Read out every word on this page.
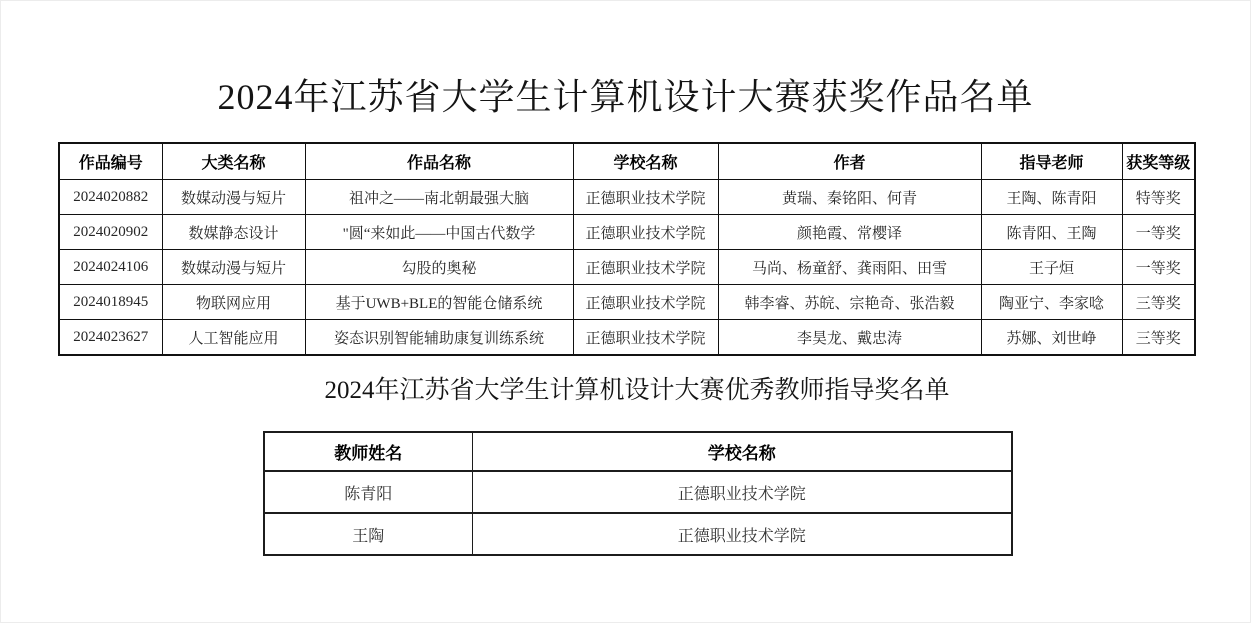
2024年江苏省大学生计算机设计大赛获奖作品名单
作品编号	大类名称	作品名称	学校名称	作者	指导老师	获奖等级
2024020882	数媒动漫与短片	祖冲之——南北朝最强大脑	正德职业技术学院	黄瑞、秦铭阳、何青	王陶、陈青阳	特等奖
2024020902	数媒静态设计	"圆“来如此——中国古代数学	正德职业技术学院	颜艳霞、常樱译	陈青阳、王陶	一等奖
2024024106	数媒动漫与短片	勾股的奥秘	正德职业技术学院	马尚、杨童舒、龚雨阳、田雪	王子烜	一等奖
2024018945	物联网应用	基于UWB+BLE的智能仓储系统	正德职业技术学院	韩李睿、苏皖、宗艳奇、张浩毅	陶亚宁、李家唸	三等奖
2024023627	人工智能应用	姿态识别智能辅助康复训练系统	正德职业技术学院	李昊龙、戴忠涛	苏娜、刘世峥	三等奖
2024年江苏省大学生计算机设计大赛优秀教师指导奖名单
教师姓名	学校名称
陈青阳	正德职业技术学院
王陶	正德职业技术学院
